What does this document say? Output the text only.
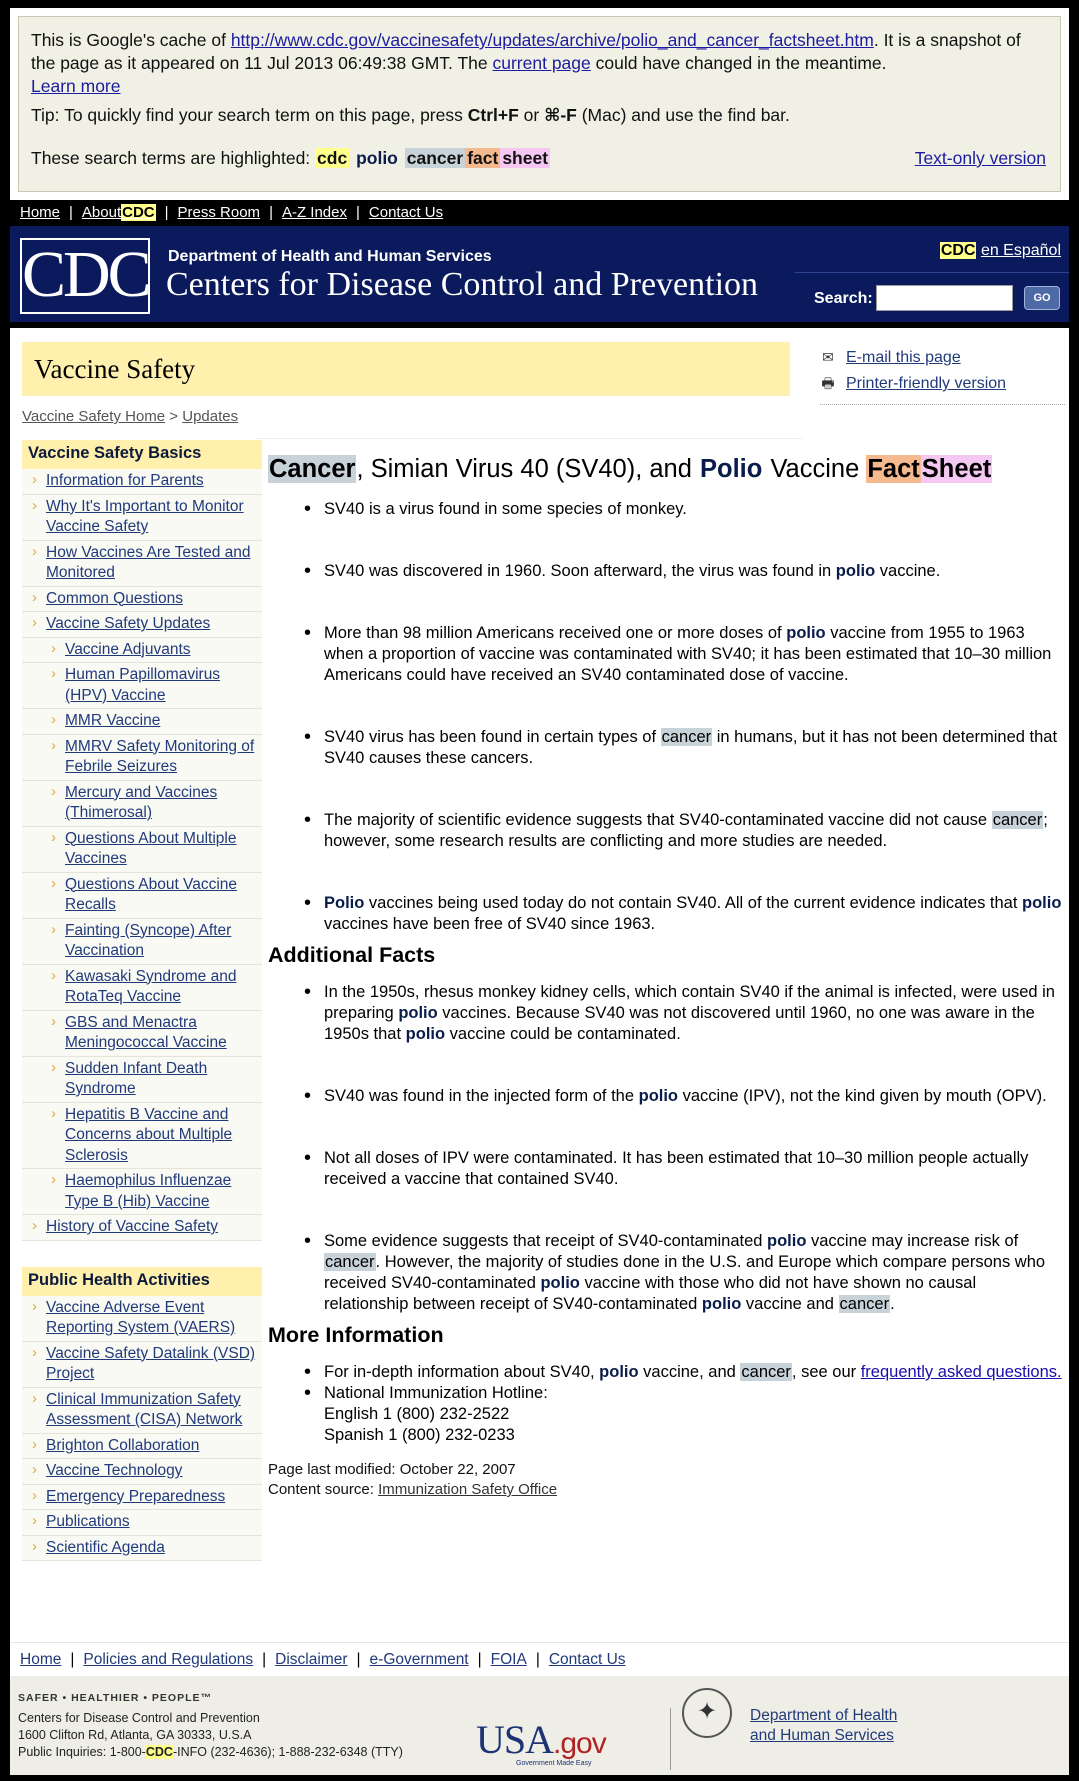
This is Google's cache of http://www.cdc.gov/vaccinesafety/updates/archive/polio_and_cancer_factsheet.htm. It is a snapshot of the page as it appeared on 11 Jul 2013 06:49:38 GMT. The current page could have changed in the meantime.
Learn more
Tip: To quickly find your search term on this page, press Ctrl+F or ⌘-F (Mac) and use the find bar.
These search terms are highlighted: cdc polio cancer fact sheet	Text-only version
Home | AboutCDC | Press Room | A-Z Index | Contact Us
CDC Department of Health and Human Services
Centers for Disease Control and Prevention
CDC en Español
Search:	GO
Vaccine Safety	✉ E-mail this page
🖶 Printer-friendly version
Vaccine Safety Home > Updates
Vaccine Safety Basics
› Information for Parents
› Why It's Important to Monitor Vaccine Safety
› How Vaccines Are Tested and Monitored
› Common Questions
› Vaccine Safety Updates
› Vaccine Adjuvants
› Human Papillomavirus (HPV) Vaccine
› MMR Vaccine
› MMRV Safety Monitoring of Febrile Seizures
› Mercury and Vaccines (Thimerosal)
› Questions About Multiple Vaccines
› Questions About Vaccine Recalls
› Fainting (Syncope) After Vaccination
› Kawasaki Syndrome and RotaTeq Vaccine
› GBS and Menactra Meningococcal Vaccine
› Sudden Infant Death Syndrome
› Hepatitis B Vaccine and Concerns about Multiple Sclerosis
› Haemophilus Influenzae Type B (Hib) Vaccine
› History of Vaccine Safety
Public Health Activities
› Vaccine Adverse Event Reporting System (VAERS)
› Vaccine Safety Datalink (VSD) Project
› Clinical Immunization Safety Assessment (CISA) Network
› Brighton Collaboration
› Vaccine Technology
› Emergency Preparedness
› Publications
› Scientific Agenda
Cancer, Simian Virus 40 (SV40), and Polio Vaccine FactSheet
• SV40 is a virus found in some species of monkey.
• SV40 was discovered in 1960. Soon afterward, the virus was found in polio vaccine.
• More than 98 million Americans received one or more doses of polio vaccine from 1955 to 1963 when a proportion of vaccine was contaminated with SV40; it has been estimated that 10–30 million Americans could have received an SV40 contaminated dose of vaccine.
• SV40 virus has been found in certain types of cancer in humans, but it has not been determined that SV40 causes these cancers.
• The majority of scientific evidence suggests that SV40-contaminated vaccine did not cause cancer; however, some research results are conflicting and more studies are needed.
• Polio vaccines being used today do not contain SV40. All of the current evidence indicates that polio vaccines have been free of SV40 since 1963.
Additional Facts
• In the 1950s, rhesus monkey kidney cells, which contain SV40 if the animal is infected, were used in preparing polio vaccines. Because SV40 was not discovered until 1960, no one was aware in the 1950s that polio vaccine could be contaminated.
• SV40 was found in the injected form of the polio vaccine (IPV), not the kind given by mouth (OPV).
• Not all doses of IPV were contaminated. It has been estimated that 10–30 million people actually received a vaccine that contained SV40.
• Some evidence suggests that receipt of SV40-contaminated polio vaccine may increase risk of cancer. However, the majority of studies done in the U.S. and Europe which compare persons who received SV40-contaminated polio vaccine with those who did not have shown no causal relationship between receipt of SV40-contaminated polio vaccine and cancer.
More Information
• For in-depth information about SV40, polio vaccine, and cancer, see our frequently asked questions.
• National Immunization Hotline:
English 1 (800) 232-2522
Spanish 1 (800) 232-0233
Page last modified: October 22, 2007
Content source: Immunization Safety Office
Home | Policies and Regulations | Disclaimer | e-Government | FOIA | Contact Us
SAFER • HEALTHIER • PEOPLE™
Centers for Disease Control and Prevention
1600 Clifton Rd, Atlanta, GA 30333, U.S.A
Public Inquiries: 1-800-CDC-INFO (232-4636); 1-888-232-6348 (TTY) USA.gov
Government Made Easy
✦	Department of Health
and Human Services
